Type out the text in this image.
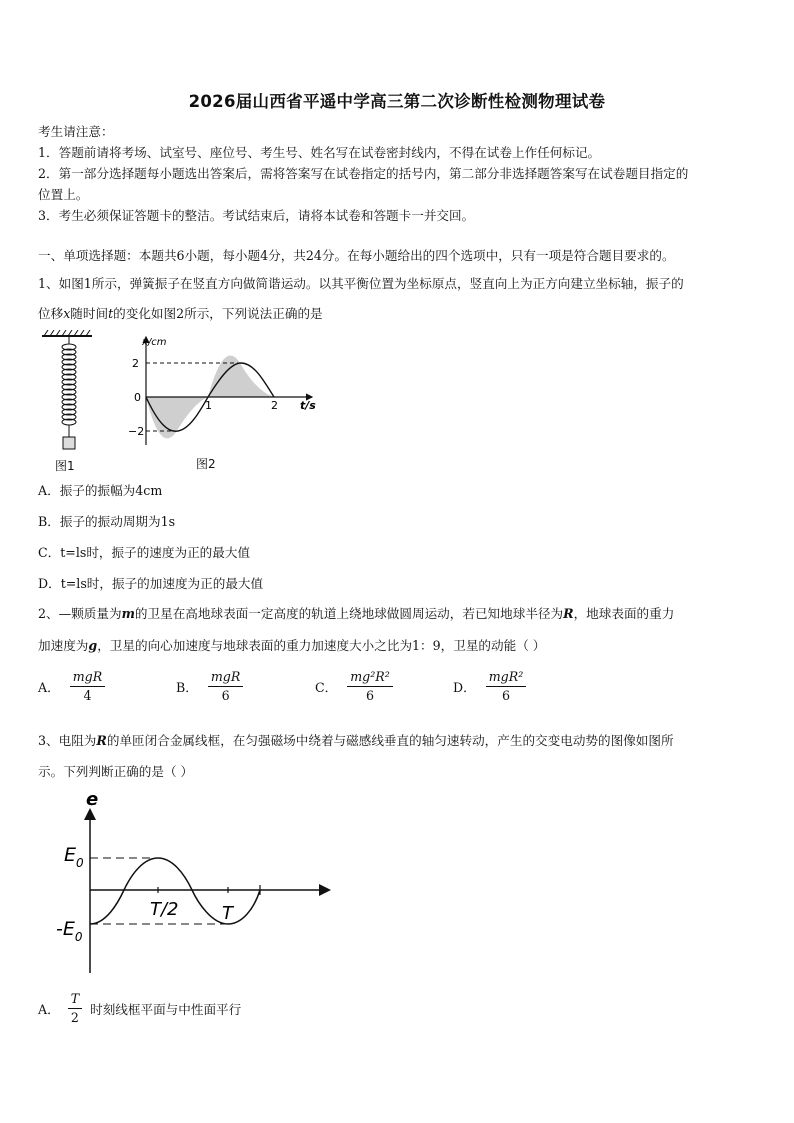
2026届山西省平遥中学高三第二次诊断性检测物理试卷
考生请注意：
1．答题前请将考场、试室号、座位号、考生号、姓名写在试卷密封线内，不得在试卷上作任何标记。
2．第一部分选择题每小题选出答案后，需将答案写在试卷指定的括号内，第二部分非选择题答案写在试卷题目指定的
位置上。
3．考生必须保证答题卡的整洁。考试结束后，请将本试卷和答题卡一并交回。
一、单项选择题：本题共6小题，每小题4分，共24分。在每小题给出的四个选项中，只有一项是符合题目要求的。
1、如图1所示，弹簧振子在竖直方向做简谐运动。以其平衡位置为坐标原点，竖直向上为正方向建立坐标轴，振子的
位移x随时间t的变化如图2所示，下列说法正确的是
图1
x/cm
t/s
2
0
−2
1	2
图2
A．振子的振幅为4cm
B．振子的振动周期为1s
C．t=ls时，振子的速度为正的最大值
D．t=ls时，振子的加速度为正的最大值
2、—颗质量为m的卫星在高地球表面一定高度的轨道上绕地球做圆周运动，若已知地球半径为R，地球表面的重力
加速度为g，卫星的向心加速度与地球表面的重力加速度大小之比为1：9，卫星的动能（ ）
A． $\frac{\text{mgR}}{4}$	B． $\frac{\text{mgR}}{6}$	C． $\frac{\text{mg²R²}}{6}$	D． $\frac{\text{mgR²}}{6}$
3、电阻为R的单匝闭合金属线框，在匀强磁场中绕着与磁感线垂直的轴匀速转动，产生的交变电动势的图像如图所
示。下列判断正确的是（ ）
e
$E_0$
$-E_0$
T/2 T
A． $\frac{T}{2}$ 时刻线框平面与中性面平行
